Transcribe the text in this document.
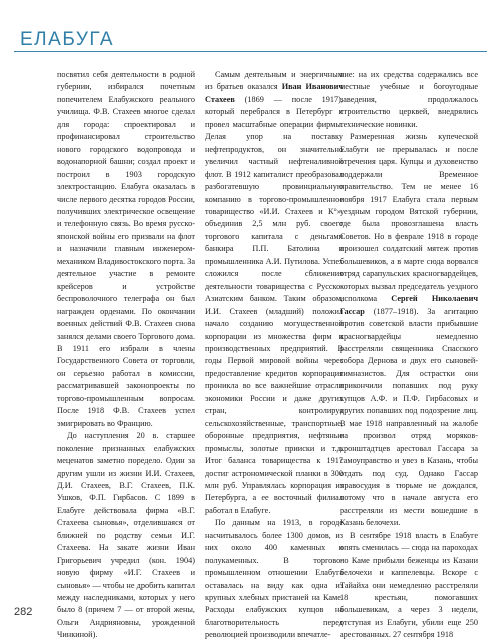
ЕЛАБУГА

посвятил себя деятельности в родной губернии, избирался почетным попечителем Елабужского реального училища. Ф.В. Стахеев многое сделал для города: спроектировал и профинансировал строительство нового городского водопровода и водонапорной башни; создал проект и построил в 1903 городскую электростанцию. Елабуга оказалась в числе первого десятка городов России, получивших электрическое освещение и телефонную связь. Во время русско-японской войны его призвали на флот и назначили главным инженером-механиком Владивостокского порта. За деятельное участие в ремонте крейсеров и устройстве беспроволочного телеграфа он был награжден орденами. По окончании военных действий Ф.В. Стахеев снова занялся делами своего Торгового дома. В 1911 его избрали в члены Государственного Совета от торговли, он серьезно работал в комиссии, рассматривавшей законопроекты по торгово-промышленным вопросам. После 1918 Ф.В. Стахеев успел эмигрировать во Францию.

До наступления 20 в. старшее поколение признанных елабужских меценатов заметно поредело. Один за другим ушли из жизни И.И. Стахеев, Д.И. Стахеев, В.Г. Стахеев, П.К. Ушков, Ф.П. Гирбасов. С 1899 в Елабуге действовала фирма «В.Г. Стахеева сыновья», отделившаяся от ближней по родству семьи И.Г. Стахеева. На закате жизни Иван Григорьевич учредил (кон. 1904) новую фирму «И.Г. Стахеев и сыновья» — чтобы не дробить капитал между наследниками, которых у него было 8 (причем 7 — от второй жены, Ольги Андрияновны, урожденной Чинкиной).

Самым деятельным и энергичным из братьев оказался Иван Иванович Стахеев (1869 — после 1917), который перебрался в Петербург и провел масштабные операции фирмы. Делая упор на поставку нефтепродуктов, он значительно увеличил частный нефтеналивной флот. В 1912 капиталист преобразовал разбогатевшую провинциальную компанию в торгово-промышленное товарищество «И.И. Стахеев и К°», объединив 2,5 млн руб. своего торгового капитала с деньгами банкира П.П. Батолина и промышленника А.И. Путилова. Успех сложился после сближения деятельности товарищества с Русско-Азиатским банком. Таким образом, И.И. Стахеев (младший) положил начало созданию могущественной корпорации из множества фирм и производственных предприятий. В годы Первой мировой войны через предоставление кредитов корпорация проникла во все важнейшие отрасли экономики России и даже других стран, контролируя сельскохозяйственные, транспортные, оборонные предприятия, нефтяные промыслы, золотые прииски и т.д. Итог баланса товарищества к 1917 достиг астрономической планки в 300 млн руб. Управлялась корпорация из Петербурга, а ее восточный филиал работал в Елабуге.

По данным на 1913, в городе насчитывалось более 1300 домов, из них около 400 каменных и полукаменных. В торгово-промышленном отношении Елабуга оставалась на виду как одна из крупных хлебных пристаней на Каме. Расходы елабужских купцов на благотворительность перед революцией производили впечатле-

ние: на их средства содержались все местные учебные и богоугодные заведения, продолжалось строительство церквей, внедрялись технические новинки.

Размеренная жизнь купеческой Елабуги не прерывалась и после отречения царя. Купцы и духовенство поддержали Временное правительство. Тем не менее 16 ноября 1917 Елабуга стала первым уездным городом Вятской губернии, где была провозглашена власть Советов. Но в феврале 1918 в городе произошел солдатский мятеж против большевиков, а в марте сюда ворвался отряд сарапульских красногвардейцев, которых вызвал председатель уездного исполкома Сергей Николаевич Гассар (1877–1918). За агитацию против советской власти прибывшие красногвардейцы немедленно расстреляли священника Спасского собора Дернова и двух его сыновей-гимназистов. Для острастки они прикончили попавших под руку купцов А.Ф. и П.Ф. Гирбасовых и других попавших под подозрение лиц. В мае 1918 направленный на жалобе на произвол отряд моряков-кронштадтцев арестовал Гассара за самоуправство и увез в Казань, чтобы отдать под суд. Однако Гассар правосудия в тюрьме не дождался, потому что в начале августа его расстреляли из мести вошедшие в Казань белочехи.

В сентябре 1918 власть в Елабуге опять сменилась — сюда на пароходах по Каме прибыли беженцы из Казани белочехи и каппелевцы. Вскоре с Тайайха они немедленно расстреляли 18 крестьян, помогавших большевикам, а через 3 недели, отступая из Елабуги, убили еще 250 арестованных. 27 сентября 1918

282
